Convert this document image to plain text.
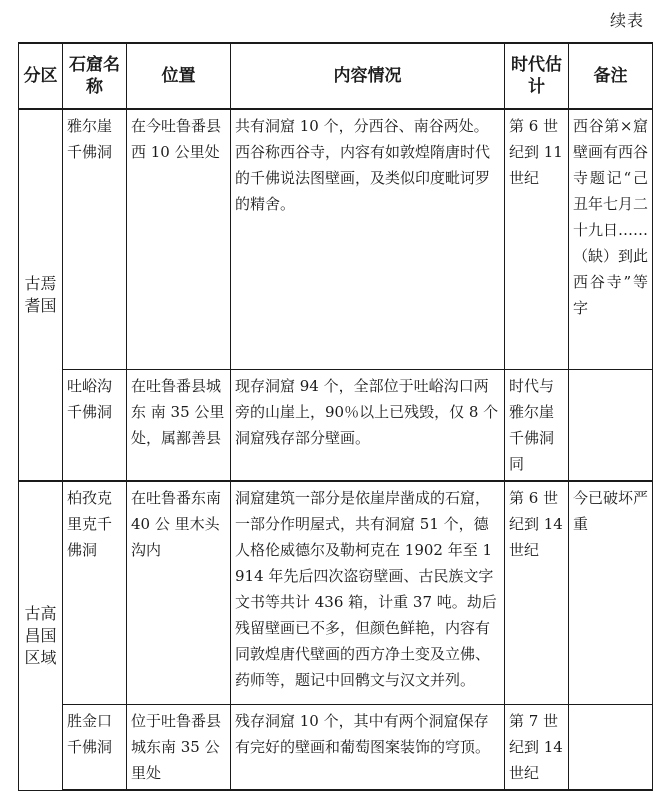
续表
分区	石窟名称	位置	内容情况	时代估计	备注
古焉耆国	雅尔崖千佛洞	在今吐鲁番县 西 10 公里处	共有洞窟 10 个，分西谷、南谷两处。西谷称西谷寺，内容有如敦煌隋唐时代的千佛说法图壁画，及类似印度毗诃罗的精舍。	第 6 世纪到 11 世纪	西谷第×窟壁画有西谷寺题记“己丑年七月二十九日……（缺）到此西谷寺”等字
	吐峪沟千佛洞	在吐鲁番县城 东 南 35 公里处，属鄯善县	现存洞窟 94 个，全部位于吐峪沟口两旁的山崖上，90％以上已残毁，仅 8 个洞窟残存部分壁画。	时代与雅尔崖千佛洞同	
古高昌国区域	柏孜克里克千佛洞	在吐鲁番东南 40 公 里木头沟内	洞窟建筑一部分是依崖岸凿成的石窟，一部分作明屋式，共有洞窟 51 个，德人格伦威德尔及勒柯克在 1902 年至 1914 年先后四次盗窃壁画、古民族文字文书等共计 436 箱，计重 37 吨。劫后残留壁画已不多，但颜色鲜艳，内容有同敦煌唐代壁画的西方净土变及立佛、药师等，题记中回鹘文与汉文并列。	第 6 世纪到 14 世纪	今已破坏严重
	胜金口千佛洞	位于吐鲁番县城东南 35 公里处	残存洞窟 10 个，其中有两个洞窟保存有完好的壁画和葡萄图案装饰的穹顶。	第 7 世纪到 14 世纪	
